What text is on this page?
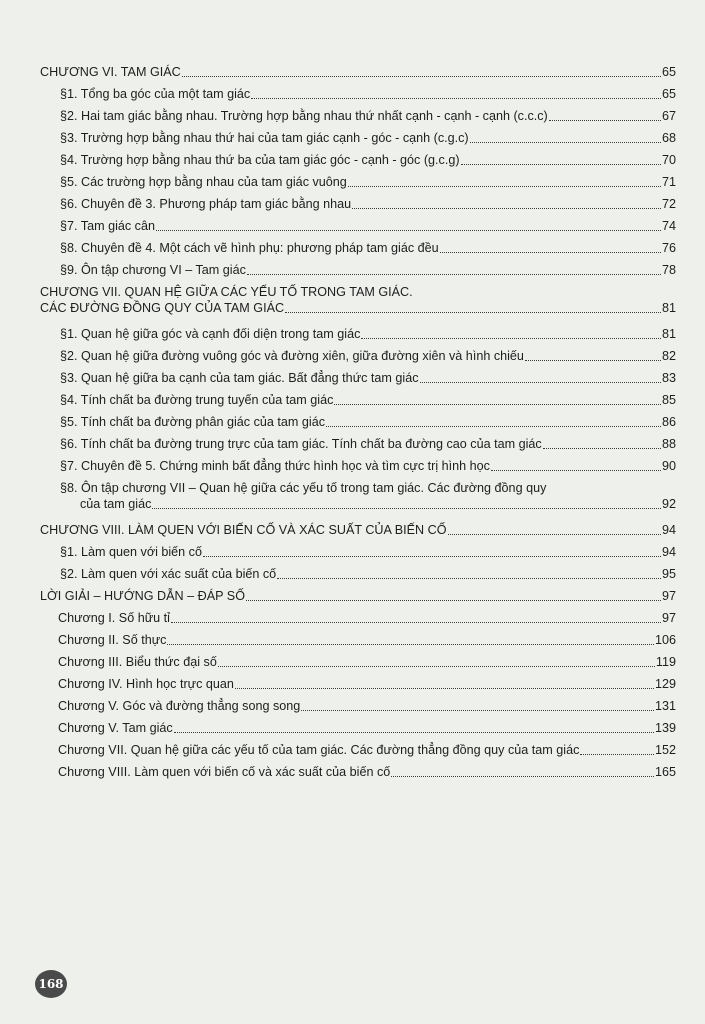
CHƯƠNG VI. TAM GIÁC	65
§1. Tổng ba góc của một tam giác	65
§2. Hai tam giác bằng nhau. Trường hợp bằng nhau thứ nhất cạnh - cạnh - cạnh (c.c.c)	67
§3. Trường hợp bằng nhau thứ hai của tam giác cạnh - góc - cạnh (c.g.c)	68
§4. Trường hợp bằng nhau thứ ba của tam giác góc - cạnh - góc (g.c.g)	70
§5. Các trường hợp bằng nhau của tam giác vuông	71
§6. Chuyên đề 3. Phương pháp tam giác bằng nhau	72
§7. Tam giác cân	74
§8. Chuyên đề 4. Một cách vẽ hình phụ: phương pháp tam giác đều	76
§9. Ôn tập chương VI – Tam giác	78
CHƯƠNG VII. QUAN HỆ GIỮA CÁC YẾU TỐ TRONG TAM GIÁC.
CÁC ĐƯỜNG ĐỒNG QUY CỦA TAM GIÁC	81
§1. Quan hệ giữa góc và cạnh đối diện trong tam giác	81
§2. Quan hệ giữa đường vuông góc và đường xiên, giữa đường xiên và hình chiếu	82
§3. Quan hệ giữa ba cạnh của tam giác. Bất đẳng thức tam giác	83
§4. Tính chất ba đường trung tuyến của tam giác	85
§5. Tính chất ba đường phân giác của tam giác	86
§6. Tính chất ba đường trung trực của tam giác. Tính chất ba đường cao của tam giác	88
§7. Chuyên đề 5. Chứng minh bất đẳng thức hình học và tìm cực trị hình học	90
§8. Ôn tập chương VII – Quan hệ giữa các yếu tố trong tam giác. Các đường đồng quy
của tam giác	92
CHƯƠNG VIII. LÀM QUEN VỚI BIẾN CỐ VÀ XÁC SUẤT CỦA BIẾN CỐ	94
§1. Làm quen với biến cố	94
§2. Làm quen với xác suất của biến cố	95
LỜI GIẢI – HƯỚNG DẪN – ĐÁP SỐ	97
Chương I. Số hữu tỉ	97
Chương II. Số thực	106
Chương III. Biểu thức đại số	119
Chương IV. Hình học trực quan	129
Chương V. Góc và đường thẳng song song	131
Chương V. Tam giác	139
Chương VII. Quan hệ giữa các yếu tố của tam giác. Các đường thẳng đồng quy của tam giác	152
Chương VIII. Làm quen với biến cố và xác suất của biến cố	165
168
